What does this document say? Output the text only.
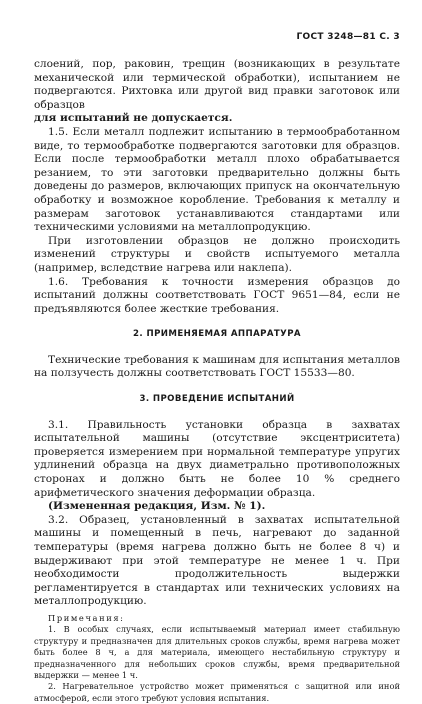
ГОСТ 3248—81 С. 3

слоений, пор, раковин, трещин (возникающих в результате механической или термической обработки), испытанием не подвергаются. Рихтовка или другой вид правки заготовок или образцов

для испытаний не допускается.

1.5. Если металл подлежит испытанию в термообработанном виде, то термообработке подвергаются заготовки для образцов. Если после термообработки металл плохо обрабатывается резанием, то эти заготовки предварительно должны быть доведены до размеров, включающих припуск на окончательную обработку и возможное коробление. Требования к металлу и размерам заготовок устанавливаются стандартами или техническими условиями на металлопродукцию.

При изготовлении образцов не должно происходить изменений структуры и свойств испытуемого металла (например, вследствие нагрева или наклепа).

1.6. Требования к точности измерения образцов до испытаний должны соответствовать ГОСТ 9651—84, если не предъявляются более жесткие требования.

2. ПРИМЕНЯЕМАЯ АППАРАТУРА

Технические требования к машинам для испытания металлов на ползучесть должны соответствовать ГОСТ 15533—80.

3. ПРОВЕДЕНИЕ ИСПЫТАНИЙ

3.1. Правильность установки образца в захватах испытательной машины (отсутствие эксцентриситета) проверяется измерением при нормальной температуре упругих удлинений образца на двух диаметрально противоположных сторонах и должно быть не более 10 % среднего арифметического значения деформации образца.

(Измененная редакция, Изм. № 1).

3.2. Образец, установленный в захватах испытательной машины и помещенный в печь, нагревают до заданной температуры (время нагрева должно быть не более 8 ч) и выдерживают при этой температуре не менее 1 ч. При необходимости продолжительность выдержки регламентируется в стандартах или технических условиях на металлопродукцию.

Примечания:

1. В особых случаях, если испытываемый материал имеет стабильную структуру и предназначен для длительных сроков службы, время нагрева может быть более 8 ч, а для материала, имеющего нестабильную структуру и предназначенного для небольших сроков службы, время предварительной выдержки — менее 1 ч.

2. Нагревательное устройство может применяться с защитной или иной атмосферой, если этого требуют условия испытания.
